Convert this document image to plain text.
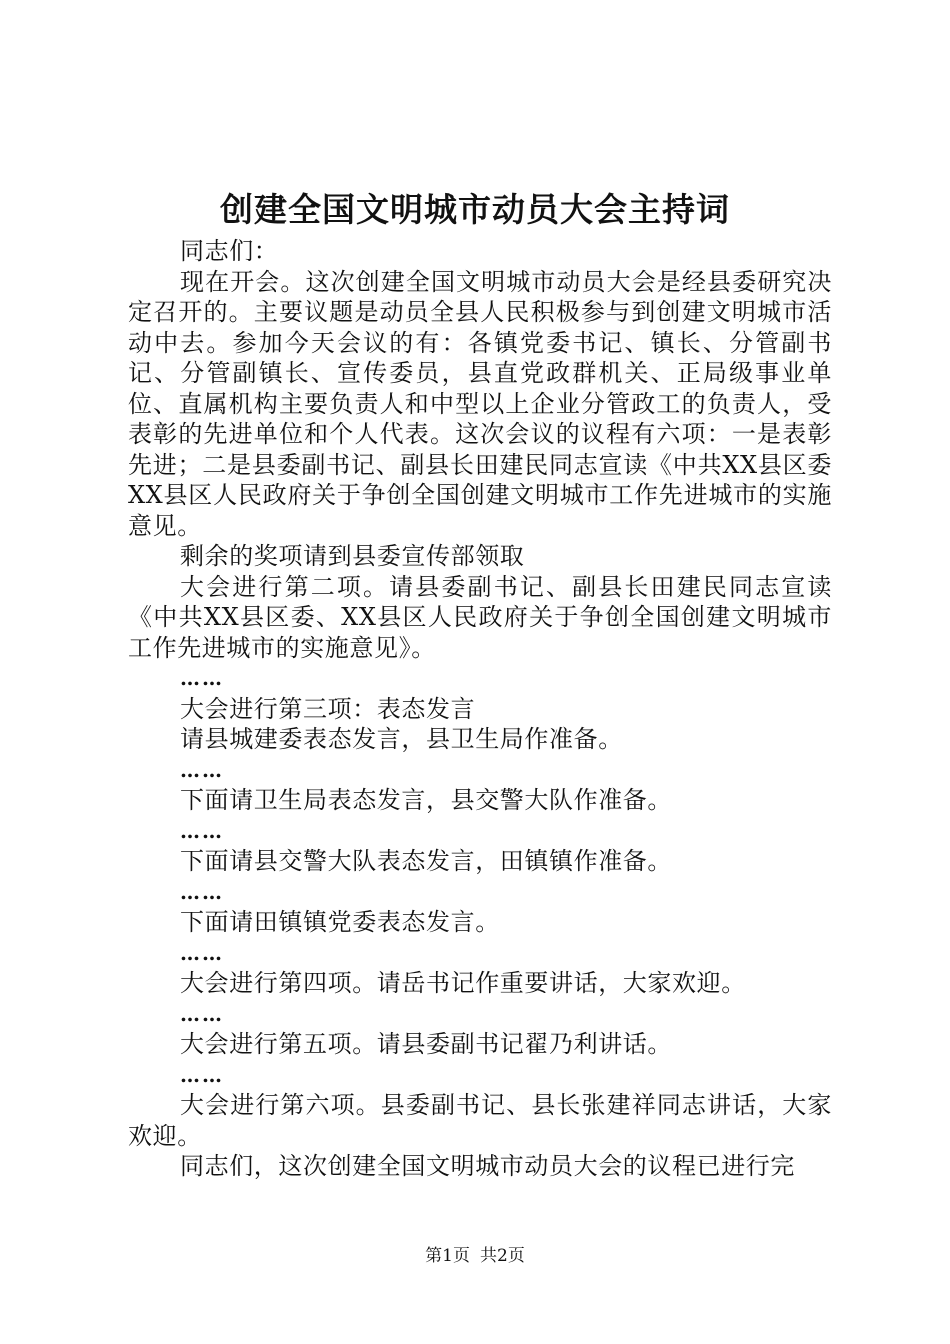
创建全国文明城市动员大会主持词

同志们：

现在开会。这次创建全国文明城市动员大会是经县委研究决定召开的。主要议题是动员全县人民积极参与到创建文明城市活动中去。参加今天会议的有：各镇党委书记、镇长、分管副书记、分管副镇长、宣传委员，县直党政群机关、正局级事业单位、直属机构主要负责人和中型以上企业分管政工的负责人，受表彰的先进单位和个人代表。这次会议的议程有六项：一是表彰先进；二是县委副书记、副县长田建民同志宣读《中共XX县区委XX县区人民政府关于争创全国创建文明城市工作先进城市的实施意见。

剩余的奖项请到县委宣传部领取

大会进行第二项。请县委副书记、副县长田建民同志宣读《中共XX县区委、XX县区人民政府关于争创全国创建文明城市工作先进城市的实施意见》。

……

大会进行第三项：表态发言

请县城建委表态发言，县卫生局作准备。

……

下面请卫生局表态发言，县交警大队作准备。

……

下面请县交警大队表态发言，田镇镇作准备。

……

下面请田镇镇党委表态发言。

……

大会进行第四项。请岳书记作重要讲话，大家欢迎。

……

大会进行第五项。请县委副书记翟乃利讲话。

……

大会进行第六项。县委副书记、县长张建祥同志讲话，大家欢迎。

同志们，这次创建全国文明城市动员大会的议程已进行完

第1页 共2页
